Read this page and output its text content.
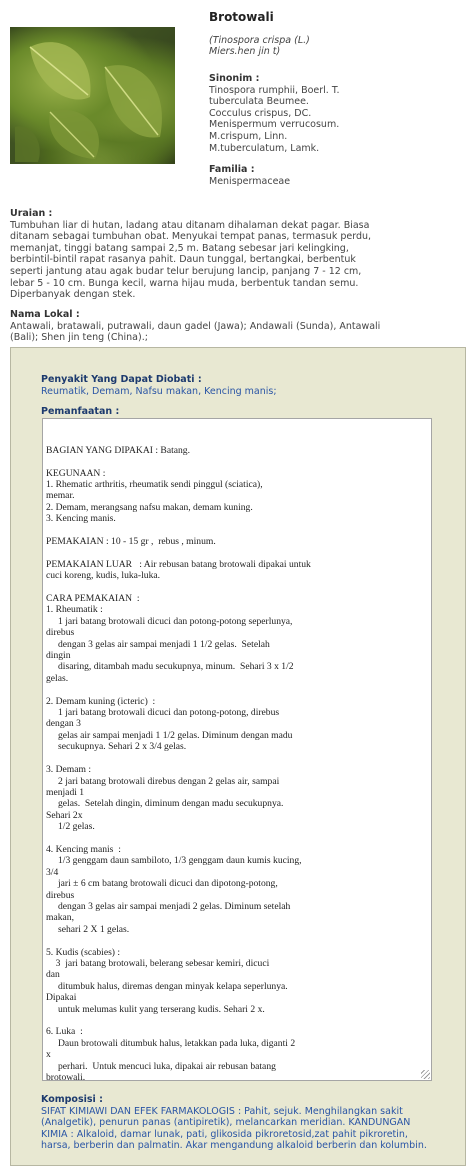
Brotowali
(Tinospora crispa (L.)
Miers.hen jin t)
Sinonim :
Tinospora rumphii, Boerl. T.
tuberculata Beumee.
Cocculus crispus, DC.
Menispermum verrucosum.
M.crispum, Linn.
M.tuberculatum, Lamk.
Familia :
Menispermaceae
Uraian :
Tumbuhan liar di hutan, ladang atau ditanam dihalaman dekat pagar. Biasa
ditanam sebagai tumbuhan obat. Menyukai tempat panas, termasuk perdu,
memanjat, tinggi batang sampai 2,5 m. Batang sebesar jari kelingking,
berbintil-bintil rapat rasanya pahit. Daun tunggal, bertangkai, berbentuk
seperti jantung atau agak budar telur berujung lancip, panjang 7 - 12 cm,
lebar 5 - 10 cm. Bunga kecil, warna hijau muda, berbentuk tandan semu.
Diperbanyak dengan stek.
Nama Lokal :
Antawali, bratawali, putrawali, daun gadel (Jawa); Andawali (Sunda), Antawali
(Bali); Shen jin teng (China).;
Penyakit Yang Dapat Diobati :
Reumatik, Demam, Nafsu makan, Kencing manis;
Pemanfaatan :

BAGIAN YANG DIPAKAI : Batang.
KEGUNAAN :
1. Rhematic arthritis, rheumatik sendi pinggul (sciatica),
memar.
2. Demam, merangsang nafsu makan, demam kuning.
3. Kencing manis.
PEMAKAIAN : 10 - 15 gr ,  rebus , minum.
PEMAKAIAN LUAR   : Air rebusan batang brotowali dipakai untuk
cuci koreng, kudis, luka-luka.
CARA PEMAKAIAN  :
1. Rheumatik :
1 jari batang brotowali dicuci dan potong-potong seperlunya,
direbus
dengan 3 gelas air sampai menjadi 1 1/2 gelas.  Setelah
dingin
disaring, ditambah madu secukupnya, minum.  Sehari 3 x 1/2
gelas.
2. Demam kuning (icteric)  :
1 jari batang brotowali dicuci dan potong-potong, direbus
dengan 3
gelas air sampai menjadi 1 1/2 gelas. Diminum dengan madu
secukupnya. Sehari 2 x 3/4 gelas.
3. Demam :
2 jari batang brotowali direbus dengan 2 gelas air, sampai
menjadi 1
gelas.  Setelah dingin, diminum dengan madu secukupnya.
Sehari 2x
1/2 gelas.
4. Kencing manis  :
1/3 genggam daun sambiloto, 1/3 genggam daun kumis kucing,
3/4
jari ± 6 cm batang brotowali dicuci dan dipotong-potong,
direbus
dengan 3 gelas air sampai menjadi 2 gelas. Diminum setelah
makan,
sehari 2 X 1 gelas.
5. Kudis (scabies) :
3  jari batang brotowali, belerang sebesar kemiri, dicuci
dan
ditumbuk halus, diremas dengan minyak kelapa seperlunya.
Dipakai
untuk melumas kulit yang terserang kudis. Sehari 2 x.
6. Luka  :
Daun brotowali ditumbuk halus, letakkan pada luka, diganti 2
x
perhari.  Untuk mencuci luka, dipakai air rebusan batang
brotowali.

Komposisi :
SIFAT KIMIAWI DAN EFEK FARMAKOLOGIS : Pahit, sejuk. Menghilangkan sakit
(Analgetik), penurun panas (antipiretik), melancarkan meridian. KANDUNGAN
KIMIA : Alkaloid, damar lunak, pati, glikosida pikroretosid,zat pahit pikroretin,
harsa, berberin dan palmatin. Akar mengandung alkaloid berberin dan kolumbin.
